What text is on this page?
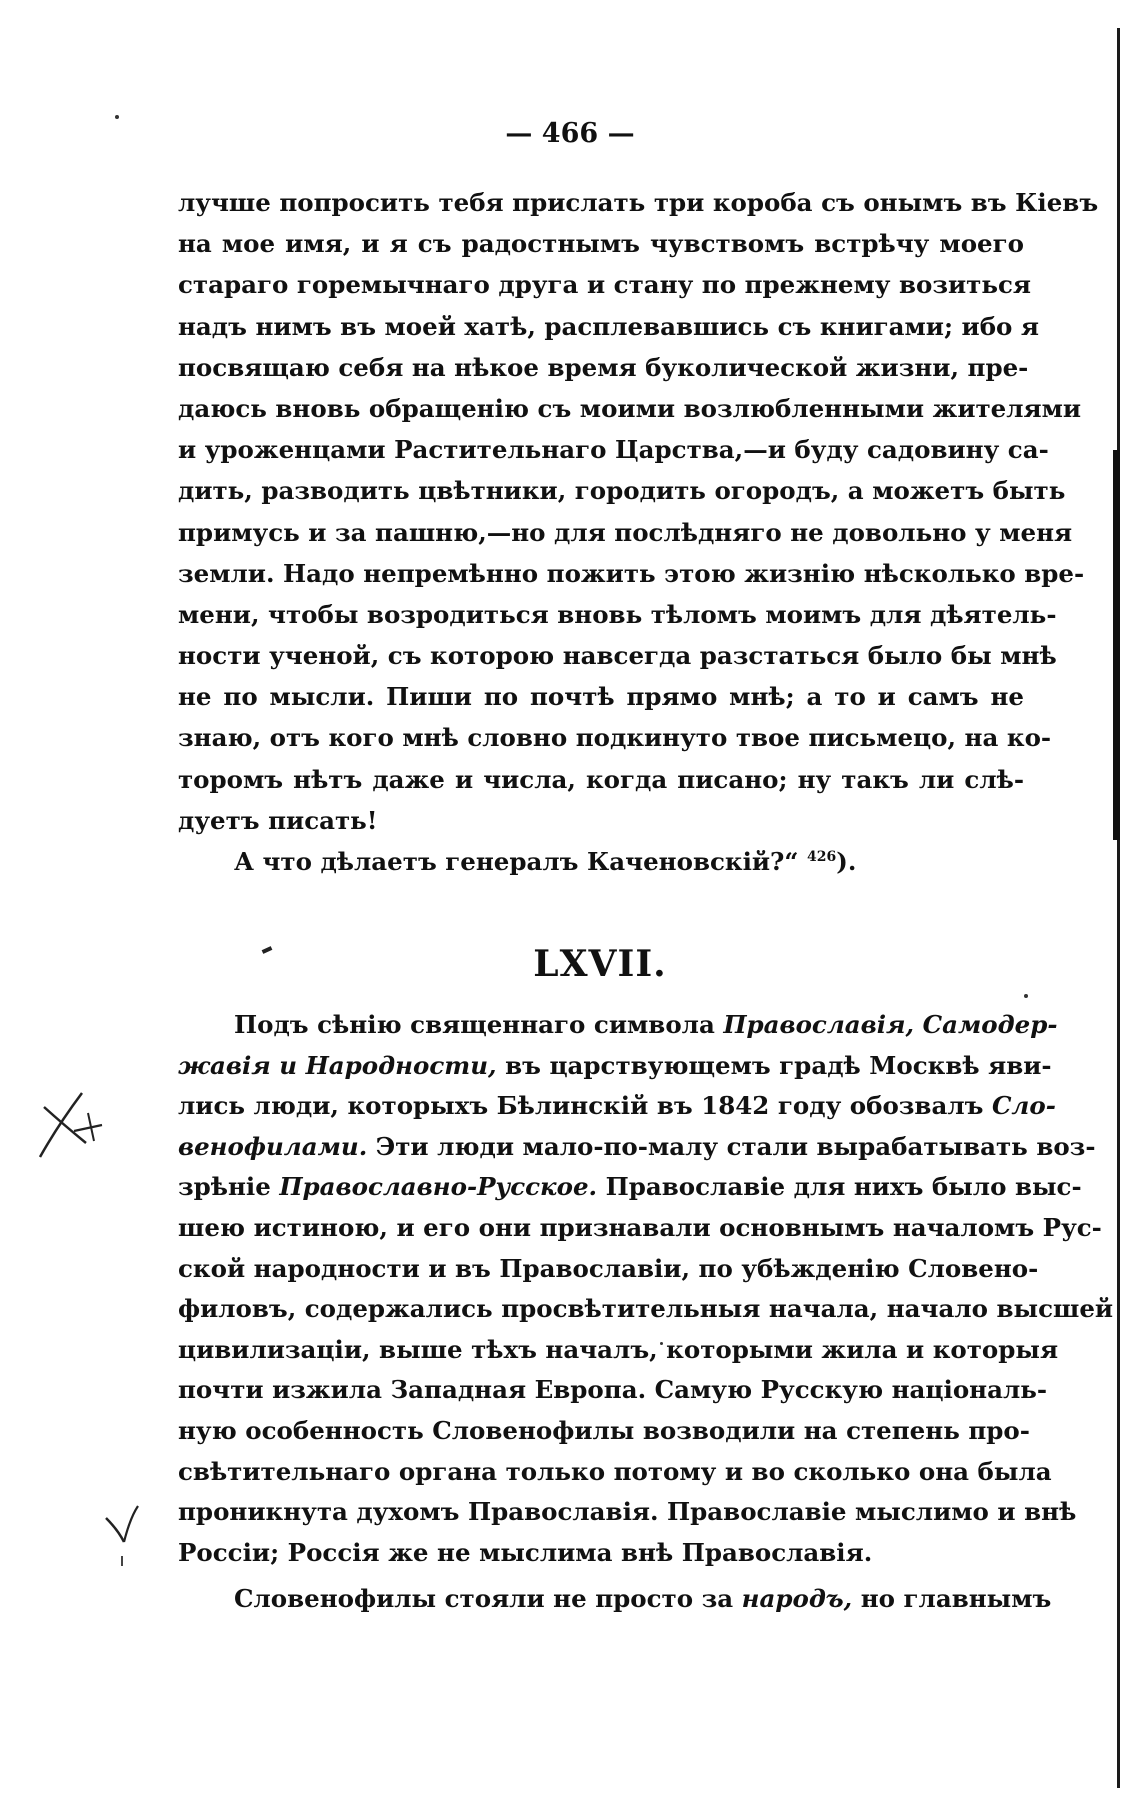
— 466 —
лучше попросить тебя прислать три короба съ онымъ въ Кіевъ
на мое имя, и я съ радостнымъ чувствомъ встрѣчу моего
стараго горемычнаго друга и стану по прежнему возиться
надъ нимъ въ моей хатѣ, расплевавшись съ книгами; ибо я
посвящаю себя на нѣкое время буколической жизни, пре-
даюсь вновь обращенію съ моими возлюбленными жителями
и уроженцами Растительнаго Царства,—и буду садовину са-
дить, разводить цвѣтники, городить огородъ, а можетъ быть
примусь и за пашню,—но для послѣдняго не довольно у меня
земли. Надо непремѣнно пожить этою жизнію нѣсколько вре-
мени, чтобы возродиться вновь тѣломъ моимъ для дѣятель-
ности ученой, съ которою навсегда разстаться было бы мнѣ
не по мысли. Пиши по почтѣ прямо мнѣ; а то и самъ не
знаю, отъ кого мнѣ словно подкинуто твое письмецо, на ко-
торомъ нѣтъ даже и числа, когда писано; ну такъ ли слѣ-
дуетъ писать!
А что дѣлаетъ генералъ Каченовскій?“ $^{426}$).
LXVII.
Подъ сѣнію священнаго символа Православія, Самодер-
жавія и Народности, въ царствующемъ градѣ Москвѣ яви-
лись люди, которыхъ Бѣлинскій въ 1842 году обозвалъ Сло-
венофилами. Эти люди мало-по-малу стали вырабатывать воз-
зрѣніе Православно-Русское. Православіе для нихъ было выс-
шею истиною, и его они признавали основнымъ началомъ Рус-
ской народности и въ Православіи, по убѣжденію Словено-
филовъ, содержались просвѣтительныя начала, начало высшей
цивилизаціи, выше тѣхъ началъ, которыми жила и которыя
почти изжила Западная Европа. Самую Русскую національ-
ную особенность Словенофилы возводили на степень про-
свѣтительнаго органа только потому и во сколько она была
проникнута духомъ Православія. Православіе мыслимо и внѣ
Россіи; Россія же не мыслима внѣ Православія.
Словенофилы стояли не просто за народъ, но главнымъ
